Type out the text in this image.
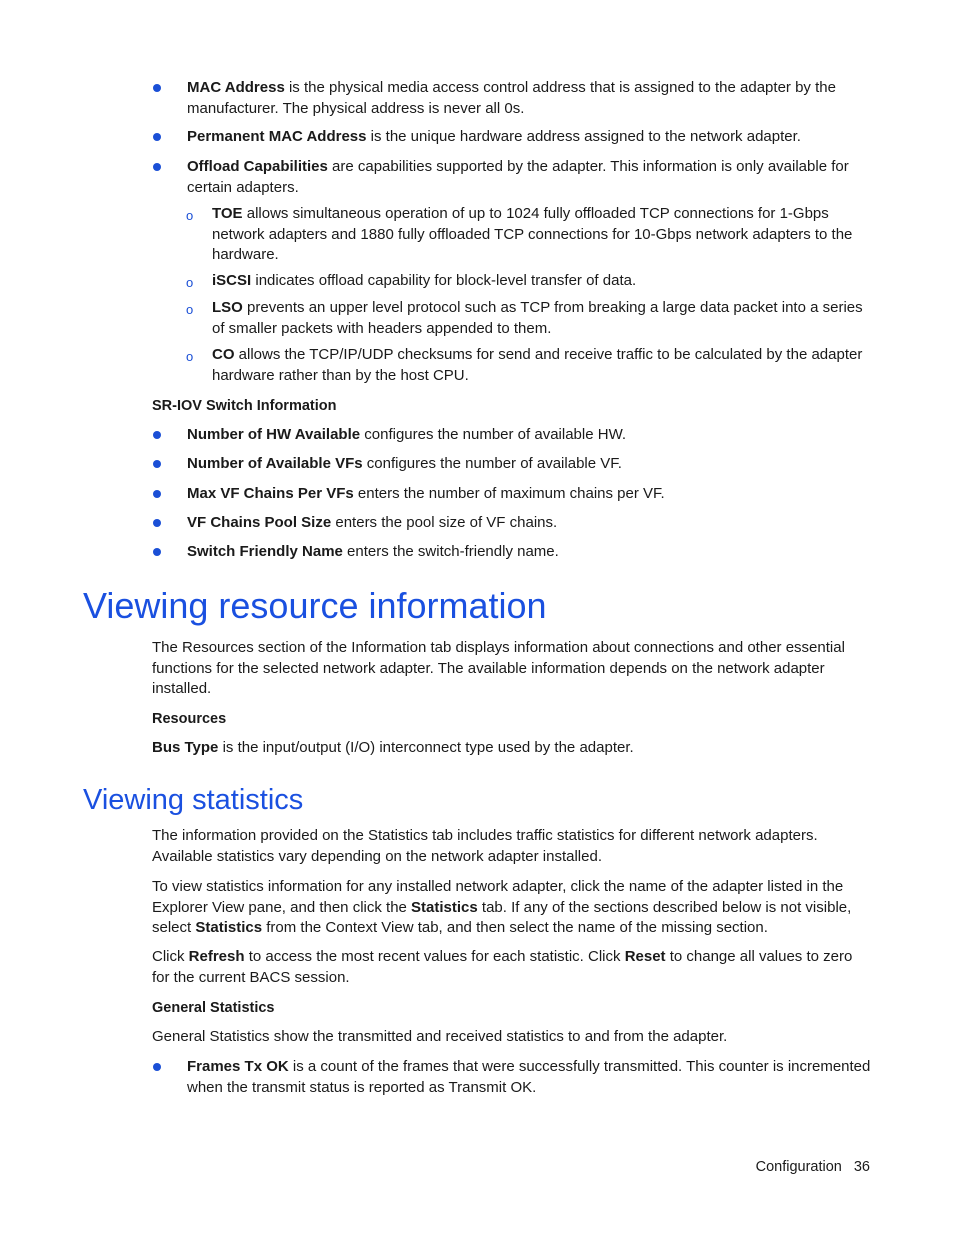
MAC Address is the physical media access control address that is assigned to the adapter by the manufacturer. The physical address is never all 0s.
Permanent MAC Address is the unique hardware address assigned to the network adapter.
Offload Capabilities are capabilities supported by the adapter. This information is only available for certain adapters.
o TOE allows simultaneous operation of up to 1024 fully offloaded TCP connections for 1-Gbps network adapters and 1880 fully offloaded TCP connections for 10-Gbps network adapters to the hardware.
o iSCSI indicates offload capability for block-level transfer of data.
o LSO prevents an upper level protocol such as TCP from breaking a large data packet into a series of smaller packets with headers appended to them.
o CO allows the TCP/IP/UDP checksums for send and receive traffic to be calculated by the adapter hardware rather than by the host CPU.
SR-IOV Switch Information
Number of HW Available configures the number of available HW.
Number of Available VFs configures the number of available VF.
Max VF Chains Per VFs enters the number of maximum chains per VF.
VF Chains Pool Size enters the pool size of VF chains.
Switch Friendly Name enters the switch-friendly name.
Viewing resource information
The Resources section of the Information tab displays information about connections and other essential functions for the selected network adapter. The available information depends on the network adapter installed.
Resources
Bus Type is the input/output (I/O) interconnect type used by the adapter.
Viewing statistics
The information provided on the Statistics tab includes traffic statistics for different network adapters. Available statistics vary depending on the network adapter installed.
To view statistics information for any installed network adapter, click the name of the adapter listed in the Explorer View pane, and then click the Statistics tab. If any of the sections described below is not visible, select Statistics from the Context View tab, and then select the name of the missing section.
Click Refresh to access the most recent values for each statistic. Click Reset to change all values to zero for the current BACS session.
General Statistics
General Statistics show the transmitted and received statistics to and from the adapter.
Frames Tx OK is a count of the frames that were successfully transmitted. This counter is incremented when the transmit status is reported as Transmit OK.
Configuration 36
